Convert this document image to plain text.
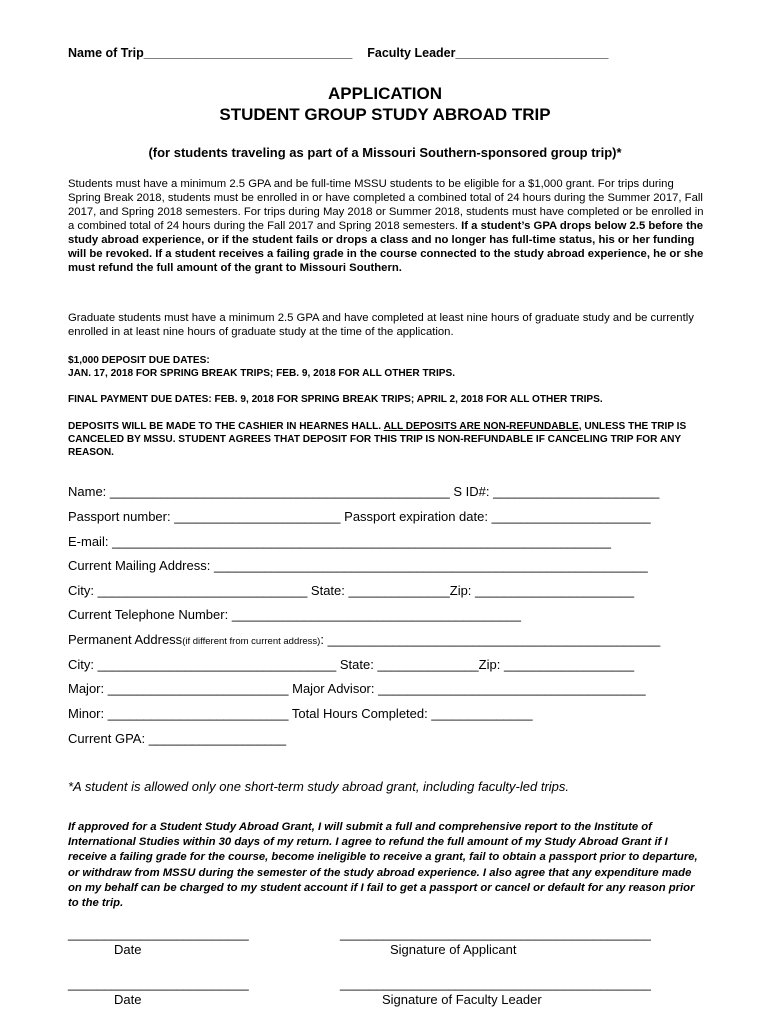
Name of Trip______________________________ Faculty Leader______________________
APPLICATION
STUDENT GROUP STUDY ABROAD TRIP
(for students traveling as part of a Missouri Southern-sponsored group trip)*
Students must have a minimum 2.5 GPA and be full-time MSSU students to be eligible for a $1,000 grant. For trips during Spring Break 2018, students must be enrolled in or have completed a combined total of 24 hours during the Summer 2017, Fall 2017, and Spring 2018 semesters. For trips during May 2018 or Summer 2018, students must have completed or be enrolled in a combined total of 24 hours during the Fall 2017 and Spring 2018 semesters. If a student’s GPA drops below 2.5 before the study abroad experience, or if the student fails or drops a class and no longer has full-time status, his or her funding will be revoked. If a student receives a failing grade in the course connected to the study abroad experience, he or she must refund the full amount of the grant to Missouri Southern.
Graduate students must have a minimum 2.5 GPA and have completed at least nine hours of graduate study and be currently enrolled in at least nine hours of graduate study at the time of the application.
$1,000 DEPOSIT DUE DATES:
JAN. 17, 2018 FOR SPRING BREAK TRIPS; FEB. 9, 2018 FOR ALL OTHER TRIPS.
FINAL PAYMENT DUE DATES: FEB. 9, 2018 FOR SPRING BREAK TRIPS; APRIL 2, 2018 FOR ALL OTHER TRIPS.
DEPOSITS WILL BE MADE TO THE CASHIER IN HEARNES HALL. ALL DEPOSITS ARE NON-REFUNDABLE, UNLESS THE TRIP IS CANCELED BY MSSU. STUDENT AGREES THAT DEPOSIT FOR THIS TRIP IS NON-REFUNDABLE IF CANCELING TRIP FOR ANY REASON.
Name: _______________________________________________ S ID#: _______________________
Passport number: _______________________ Passport expiration date: ______________________
E-mail: _____________________________________________________________________
Current Mailing Address: ____________________________________________________________
City: _____________________________ State: ______________Zip: ______________________
Current Telephone Number: ________________________________________
Permanent Address(if different from current address): ______________________________________________
City: _________________________________ State: ______________Zip: __________________
Major: _________________________ Major Advisor: _____________________________________
Minor: _________________________ Total Hours Completed: ______________
Current GPA: ___________________
*A student is allowed only one short-term study abroad grant, including faculty-led trips.
If approved for a Student Study Abroad Grant, I will submit a full and comprehensive report to the Institute of International Studies within 30 days of my return. I agree to refund the full amount of my Study Abroad Grant if I receive a failing grade for the course, become ineligible to receive a grant, fail to obtain a passport prior to departure, or withdraw from MSSU during the semester of the study abroad experience. I also agree that any expenditure made on my behalf can be charged to my student account if I fail to get a passport or cancel or default for any reason prior to the trip.
_________________________	___________________________________________
Date	Signature of Applicant
_________________________	___________________________________________
Date	Signature of Faculty Leader
